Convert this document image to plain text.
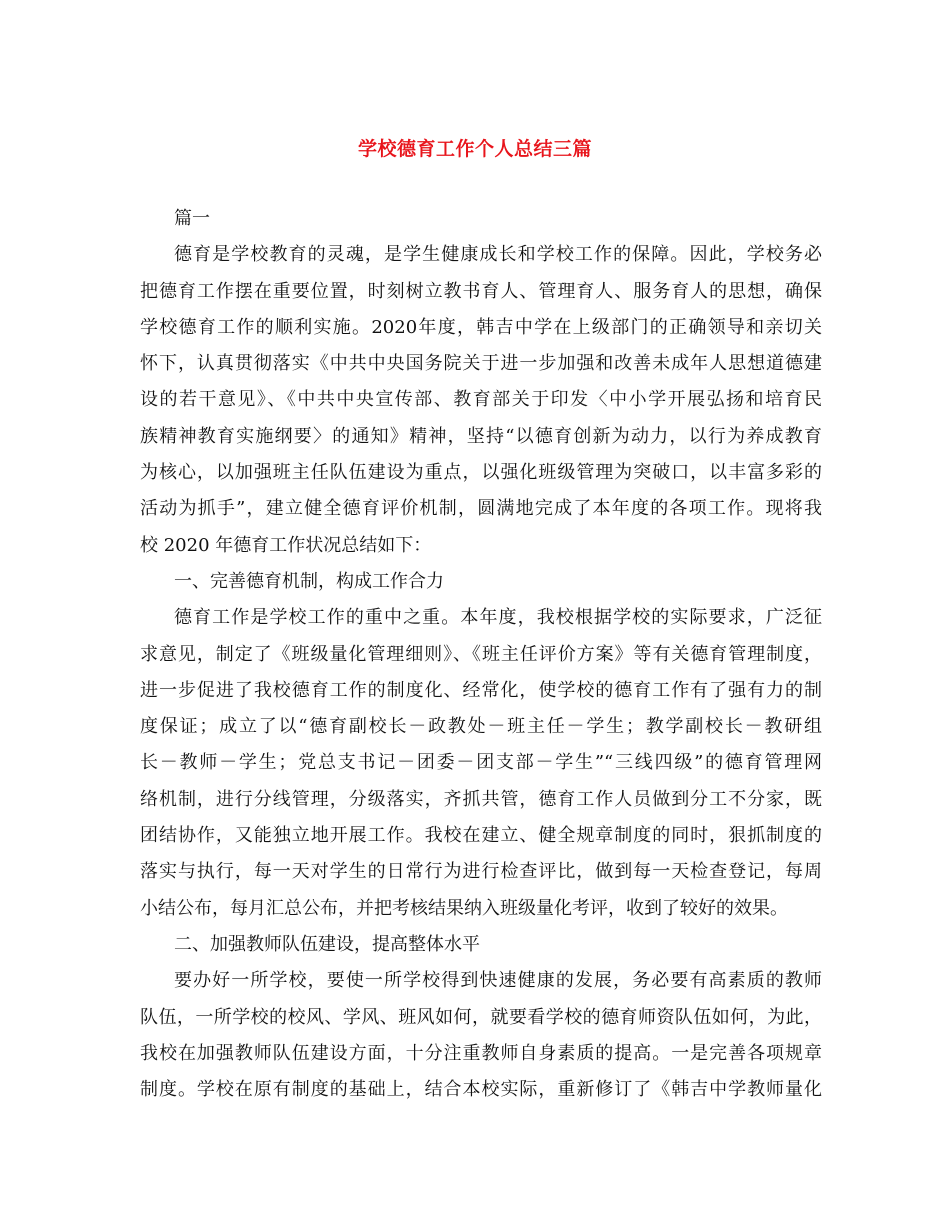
学校德育工作个人总结三篇
篇一
德育是学校教育的灵魂，是学生健康成长和学校工作的保障。因此，学校务必
把德育工作摆在重要位置，时刻树立教书育人、管理育人、服务育人的思想，确保
学校德育工作的顺利实施。2020年度，韩吉中学在上级部门的正确领导和亲切关
怀下，认真贯彻落实《中共中央国务院关于进一步加强和改善未成年人思想道德建
设的若干意见》、《中共中央宣传部、教育部关于印发〈中小学开展弘扬和培育民
族精神教育实施纲要〉的通知》精神，坚持“以德育创新为动力，以行为养成教育
为核心，以加强班主任队伍建设为重点，以强化班级管理为突破口，以丰富多彩的
活动为抓手”，建立健全德育评价机制，圆满地完成了本年度的各项工作。现将我
校 2020 年德育工作状况总结如下：
一、完善德育机制，构成工作合力
德育工作是学校工作的重中之重。本年度，我校根据学校的实际要求，广泛征
求意见，制定了《班级量化管理细则》、《班主任评价方案》等有关德育管理制度，
进一步促进了我校德育工作的制度化、经常化，使学校的德育工作有了强有力的制
度保证；成立了以“德育副校长－政教处－班主任－学生；教学副校长－教研组
长－教师－学生；党总支书记－团委－团支部－学生”“三线四级”的德育管理网
络机制，进行分线管理，分级落实，齐抓共管，德育工作人员做到分工不分家，既
团结协作，又能独立地开展工作。我校在建立、健全规章制度的同时，狠抓制度的
落实与执行，每一天对学生的日常行为进行检查评比，做到每一天检查登记，每周
小结公布，每月汇总公布，并把考核结果纳入班级量化考评，收到了较好的效果。
二、加强教师队伍建设，提高整体水平
要办好一所学校，要使一所学校得到快速健康的发展，务必要有高素质的教师
队伍，一所学校的校风、学风、班风如何，就要看学校的德育师资队伍如何，为此，
我校在加强教师队伍建设方面，十分注重教师自身素质的提高。一是完善各项规章
制度。学校在原有制度的基础上，结合本校实际，重新修订了《韩吉中学教师量化
